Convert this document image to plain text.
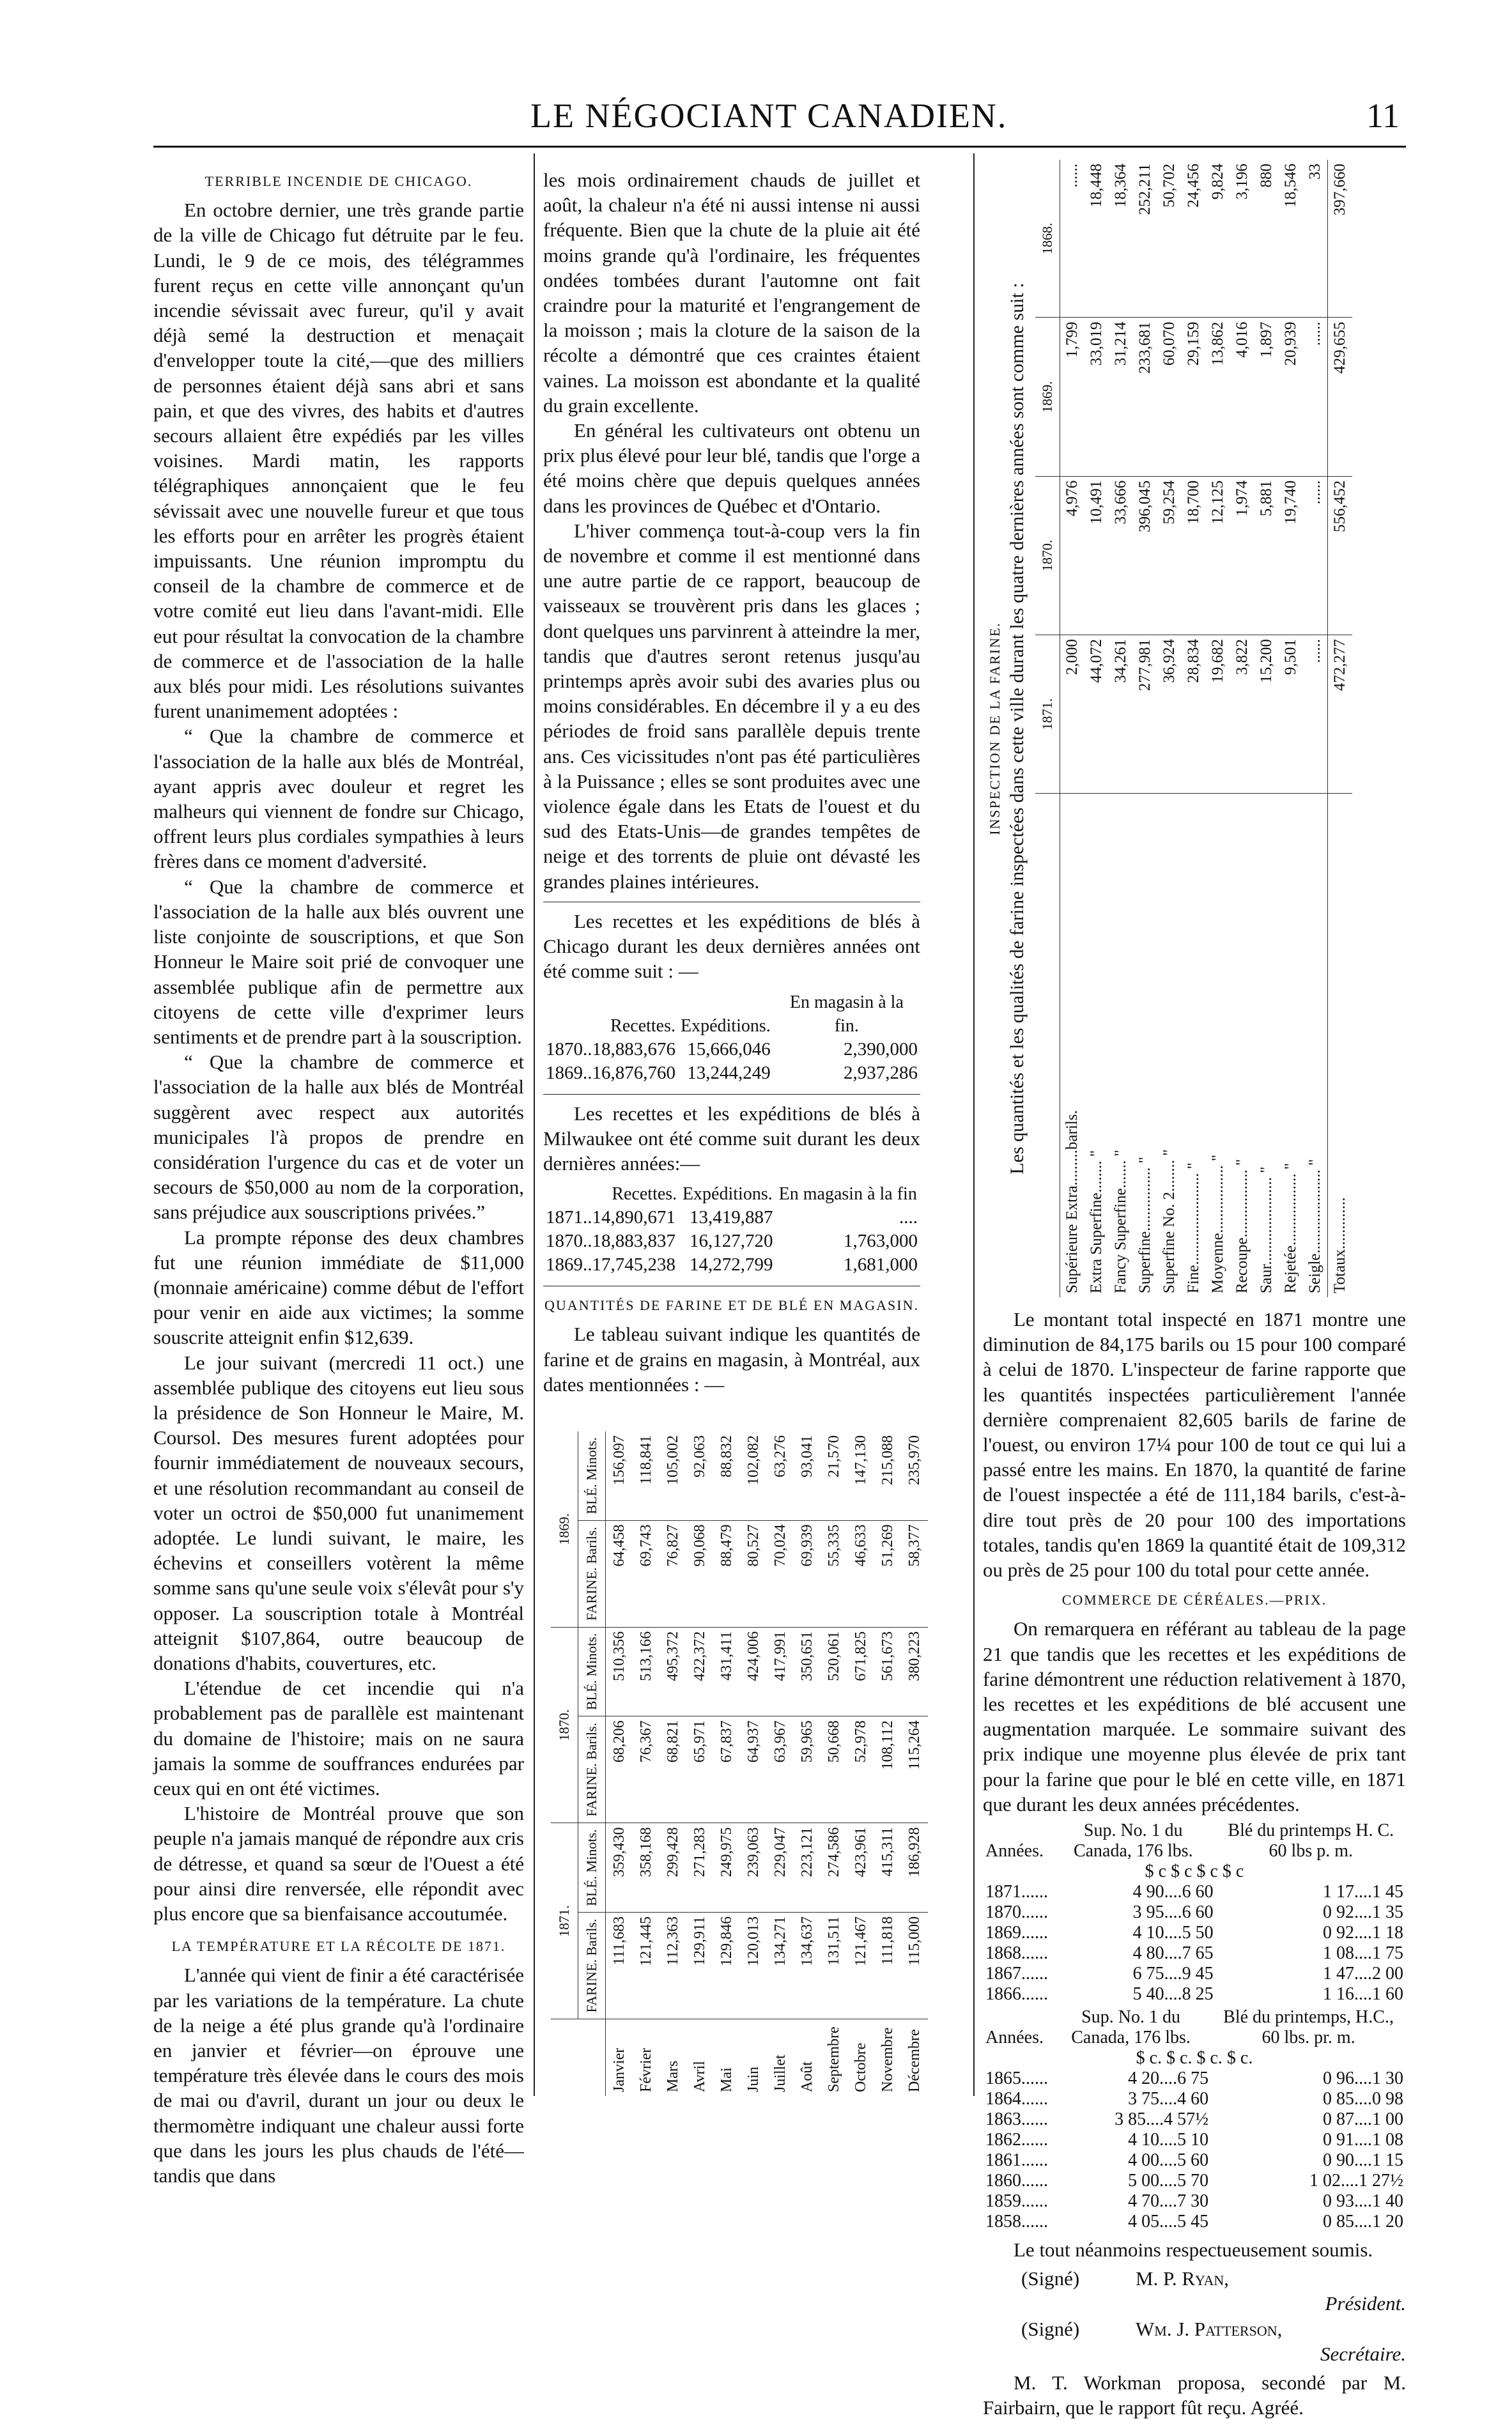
LE NÉGOCIANT CANADIEN.	11
TERRIBLE INCENDIE DE CHICAGO.

En octobre dernier, une très grande partie de la ville de Chicago fut détruite par le feu. Lundi, le 9 de ce mois, des télégrammes furent reçus en cette ville annonçant qu'un incendie sévissait avec fureur, qu'il y avait déjà semé la destruction et menaçait d'envelopper toute la cité,—que des milliers de personnes étaient déjà sans abri et sans pain, et que des vivres, des habits et d'autres secours allaient être expédiés par les villes voisines. Mardi matin, les rapports télégraphiques annonçaient que le feu sévissait avec une nouvelle fureur et que tous les efforts pour en arrêter les progrès étaient impuissants. Une réunion impromptu du conseil de la chambre de commerce et de votre comité eut lieu dans l'avant-midi. Elle eut pour résultat la convocation de la chambre de commerce et de l'association de la halle aux blés pour midi. Les résolutions suivantes furent unanimement adoptées :

“ Que la chambre de commerce et l'association de la halle aux blés de Montréal, ayant appris avec douleur et regret les malheurs qui viennent de fondre sur Chicago, offrent leurs plus cordiales sympathies à leurs frères dans ce moment d'adversité.

“ Que la chambre de commerce et l'association de la halle aux blés ouvrent une liste conjointe de souscriptions, et que Son Honneur le Maire soit prié de convoquer une assemblée publique afin de permettre aux citoyens de cette ville d'exprimer leurs sentiments et de prendre part à la souscription.

“ Que la chambre de commerce et l'association de la halle aux blés de Montréal suggèrent avec respect aux autorités municipales l'à propos de prendre en considération l'urgence du cas et de voter un secours de $50,000 au nom de la corporation, sans préjudice aux souscriptions privées.”

La prompte réponse des deux chambres fut une réunion immédiate de $11,000 (monnaie américaine) comme début de l'effort pour venir en aide aux victimes; la somme souscrite atteignit enfin $12,639.

Le jour suivant (mercredi 11 oct.) une assemblée publique des citoyens eut lieu sous la présidence de Son Honneur le Maire, M. Coursol. Des mesures furent adoptées pour fournir immédiatement de nouveaux secours, et une résolution recommandant au conseil de voter un octroi de $50,000 fut unanimement adoptée. Le lundi suivant, le maire, les échevins et conseillers votèrent la même somme sans qu'une seule voix s'élevât pour s'y opposer. La souscription totale à Montréal atteignit $107,864, outre beaucoup de donations d'habits, couvertures, etc.

L'étendue de cet incendie qui n'a probablement pas de parallèle est maintenant du domaine de l'histoire; mais on ne saura jamais la somme de souffrances endurées par ceux qui en ont été victimes.

L'histoire de Montréal prouve que son peuple n'a jamais manqué de répondre aux cris de détresse, et quand sa sœur de l'Ouest a été pour ainsi dire renversée, elle répondit avec plus encore que sa bienfaisance accoutumée.

LA TEMPÉRATURE ET LA RÉCOLTE DE 1871.

L'année qui vient de finir a été caractérisée par les variations de la température. La chute de la neige a été plus grande qu'à l'ordinaire en janvier et février—on éprouve une température très élevée dans le cours des mois de mai ou d'avril, durant un jour ou deux le thermomètre indiquant une chaleur aussi forte que dans les jours les plus chauds de l'été—tandis que dans

les mois ordinairement chauds de juillet et août, la chaleur n'a été ni aussi intense ni aussi fréquente. Bien que la chute de la pluie ait été moins grande qu'à l'ordinaire, les fréquentes ondées tombées durant l'automne ont fait craindre pour la maturité et l'engrangement de la moisson ; mais la cloture de la saison de la récolte a démontré que ces craintes étaient vaines. La moisson est abondante et la qualité du grain excellente.

En général les cultivateurs ont obtenu un prix plus élevé pour leur blé, tandis que l'orge a été moins chère que depuis quelques années dans les provinces de Québec et d'Ontario.

L'hiver commença tout-à-coup vers la fin de novembre et comme il est mentionné dans une autre partie de ce rapport, beaucoup de vaisseaux se trouvèrent pris dans les glaces ; dont quelques uns parvinrent à atteindre la mer, tandis que d'autres seront retenus jusqu'au printemps après avoir subi des avaries plus ou moins considérables. En décembre il y a eu des périodes de froid sans parallèle depuis trente ans. Ces vicissitudes n'ont pas été particulières à la Puissance ; elles se sont produites avec une violence égale dans les Etats de l'ouest et du sud des Etats-Unis—de grandes tempêtes de neige et des torrents de pluie ont dévasté les grandes plaines intérieures.

Les recettes et les expéditions de blés à Chicago durant les deux dernières années ont été comme suit : —

Recettes.	Expéditions.	En magasin à la fin.
1870..18,883,676	15,666,046	2,390,000
1869..16,876,760	13,244,249	2,937,286

Les recettes et les expéditions de blés à Milwaukee ont été comme suit durant les deux dernières années:—

Recettes.	Expéditions.	En magasin à la fin
1871..14,890,671	13,419,887	....
1870..18,883,837	16,127,720	1,763,000
1869..17,745,238	14,272,799	1,681,000
QUANTITÉS DE FARINE ET DE BLÉ EN MAGASIN.

Le tableau suivant indique les quantités de farine et de grains en magasin, à Montréal, aux dates mentionnées : —

	1871.		1870.		1869.	
	FARINE. Barils.	BLÉ. Minots.	FARINE. Barils.	BLÉ. Minots.	FARINE. Barils.	BLÉ. Minots.
Janvier	111,683	359,430	68,206	510,356	64,458	156,097
Février	121,445	358,168	76,367	513,166	69,743	118,841
Mars	112,363	299,428	68,821	495,372	76,827	105,002
Avril	129,911	271,283	65,971	422,372	90,068	92,063
Mai	129,846	249,975	67,837	431,411	88,479	88,832
Juin	120,013	239,063	64,937	424,006	80,527	102,082
Juillet	134,271	229,047	63,967	417,991	70,024	63,276
Août	134,637	223,121	59,965	350,651	69,939	93,041
Septembre	131,511	274,586	50,668	520,061	55,335	21,570
Octobre	121,467	423,961	52,978	671,825	46,633	147,130
Novembre	111,818	415,311	108,112	561,673	51,269	215,088
Décembre	115,000	186,928	115,264	380,223	58,377	235,970
INSPECTION DE LA FARINE. Les quantités et les qualités de farine inspectées dans cette ville durant les quatre dernières années sont comme suit :
	1871.	1870.	1869.	1868.
Supérieure Extra.........barils.	2,000	4,976	1,799	......
Extra Superfine........ "	44,072	10,491	33,019	18,448
Fancy Superfine....... "	34,261	33,666	31,214	18,364
Superfine................ "	277,981	396,045	233,681	252,211
Superfine No. 2........ "	36,924	59,254	60,070	50,702
Fine....................... "	28,834	18,700	29,159	24,456
Moyenne................. "	19,682	12,125	13,862	9,824
Recoupe................. "	3,822	1,974	4,016	3,196
Saur...................... "	15,200	5,881	1,897	880
Rejetée.................. "	9,501	19,740	20,939	18,546
Seigle..................... "	......	......	......	33
Totaux.............	472,277	556,452	429,655	397,660

Le montant total inspecté en 1871 montre une diminution de 84,175 barils ou 15 pour 100 comparé à celui de 1870. L'inspecteur de farine rapporte que les quantités inspectées particulièrement l'année dernière comprenaient 82,605 barils de farine de l'ouest, ou environ 17¼ pour 100 de tout ce qui lui a passé entre les mains. En 1870, la quantité de farine de l'ouest inspectée a été de 111,184 barils, c'est-à-dire tout près de 20 pour 100 des importations totales, tandis qu'en 1869 la quantité était de 109,312 ou près de 25 pour 100 du total pour cette année.

COMMERCE DE CÉRÉALES.—PRIX.

On remarquera en référant au tableau de la page 21 que tandis que les recettes et les expéditions de farine démontrent une réduction relativement à 1870, les recettes et les expéditions de blé accusent une augmentation marquée. Le sommaire suivant des prix indique une moyenne plus élevée de prix tant pour la farine que pour le blé en cette ville, en 1871 que durant les deux années précédentes.

Années.	Sup. No. 1 du Canada, 176 lbs.	Blé du printemps H. C. 60 lbs p. m.
$ c $ c $ c $ c		
1871......	4 90....6 60	1 17....1 45
1870......	3 95....6 60	0 92....1 35
1869......	4 10....5 50	0 92....1 18
1868......	4 80....7 65	1 08....1 75
1867......	6 75....9 45	1 47....2 00
1866......	5 40....8 25	1 16....1 60
Années.	Sup. No. 1 du Canada, 176 lbs.	Blé du printemps, H.C., 60 lbs. pr. m.
$ c. $ c. $ c. $ c.		
1865......	4 20....6 75	0 96....1 30
1864......	3 75....4 60	0 85....0 98
1863......	3 85....4 57½	0 87....1 00
1862......	4 10....5 10	0 91....1 08
1861......	4 00....5 60	0 90....1 15
1860......	5 00....5 70	1 02....1 27½
1859......	4 70....7 30	0 93....1 40
1858......	4 05....5 45	0 85....1 20

Le tout néanmoins respectueusement soumis.

(Signé)	M. P. Ryan,
Président.
(Signé)	Wm. J. Patterson,
Secrétaire.

M. T. Workman proposa, secondé par M. Fairbairn, que le rapport fût reçu. Agréé.
